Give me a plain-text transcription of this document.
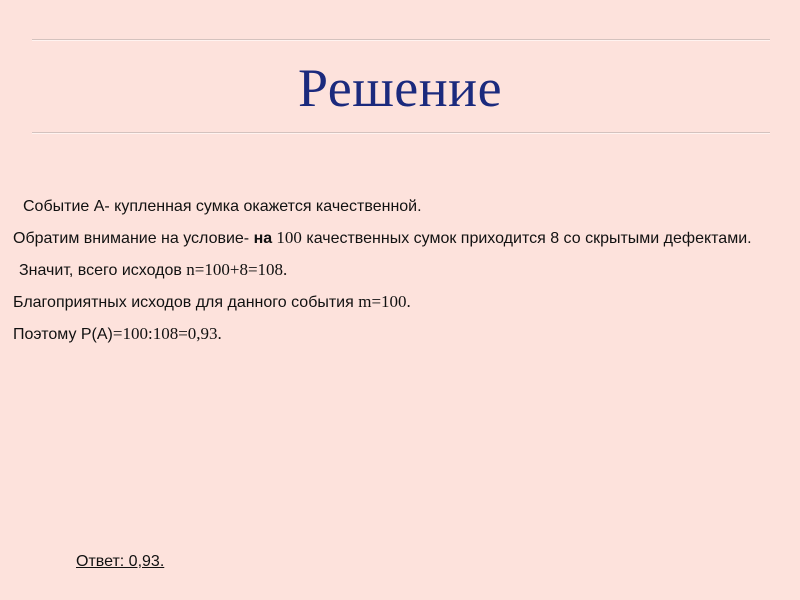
Решение

Событие А- купленная сумка окажется качественной.

Обратим внимание на условие- на 100 качественных сумок приходится 8 со скрытыми дефектами.

Значит, всего исходов n=100+8=108.

Благоприятных исходов для данного события m=100.

Поэтому Р(А)=100:108=0,93.

Ответ: 0,93.
